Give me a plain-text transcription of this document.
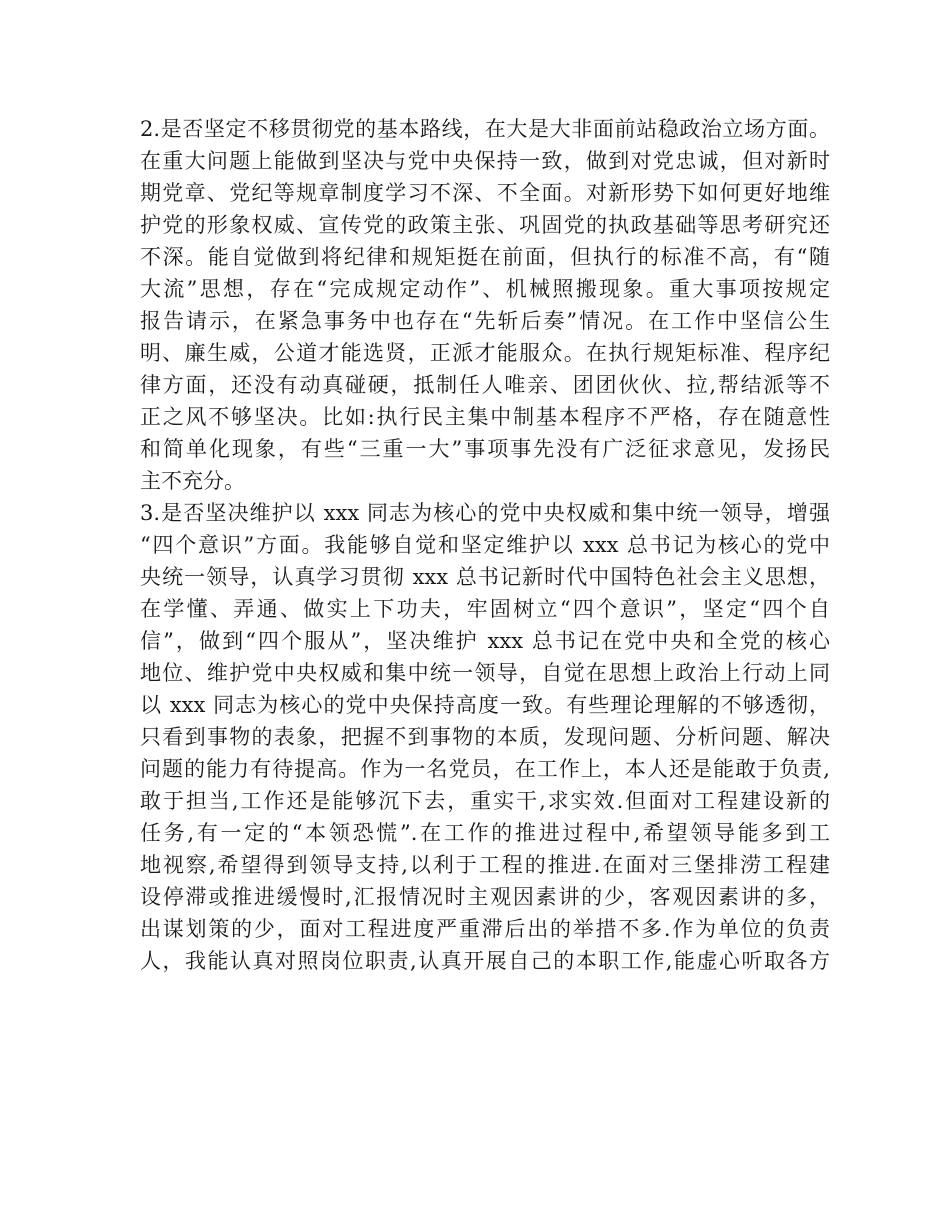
2.是否坚定不移贯彻党的基本路线，在大是大非面前站稳政治立场方面。
在重大问题上能做到坚决与党中央保持一致，做到对党忠诚，但对新时
期党章、党纪等规章制度学习不深、不全面。对新形势下如何更好地维
护党的形象权威、宣传党的政策主张、巩固党的执政基础等思考研究还
不深。能自觉做到将纪律和规矩挺在前面，但执行的标准不高，有“随
大流”思想，存在“完成规定动作”、机械照搬现象。重大事项按规定
报告请示，在紧急事务中也存在“先斩后奏”情况。在工作中坚信公生
明、廉生威，公道才能选贤，正派才能服众。在执行规矩标准、程序纪
律方面，还没有动真碰硬，抵制任人唯亲、团团伙伙、拉,帮结派等不
正之风不够坚决。比如:执行民主集中制基本程序不严格，存在随意性
和简单化现象，有些“三重一大”事项事先没有广泛征求意见，发扬民
主不充分。
3.是否坚决维护以 xxx 同志为核心的党中央权威和集中统一领导，增强
“四个意识”方面。我能够自觉和坚定维护以 xxx 总书记为核心的党中
央统一领导，认真学习贯彻 xxx 总书记新时代中国特色社会主义思想，
在学懂、弄通、做实上下功夫，牢固树立“四个意识”，坚定“四个自
信”，做到“四个服从”，坚决维护 xxx 总书记在党中央和全党的核心
地位、维护党中央权威和集中统一领导，自觉在思想上政治上行动上同
以 xxx 同志为核心的党中央保持高度一致。有些理论理解的不够透彻，
只看到事物的表象，把握不到事物的本质，发现问题、分析问题、解决
问题的能力有待提高。作为一名党员，在工作上，本人还是能敢于负责,
敢于担当,工作还是能够沉下去，重实干,求实效.但面对工程建设新的
任务,有一定的“本领恐慌”.在工作的推进过程中,希望领导能多到工
地视察,希望得到领导支持,以利于工程的推进.在面对三堡排涝工程建
设停滞或推进缓慢时,汇报情况时主观因素讲的少，客观因素讲的多，
出谋划策的少，面对工程进度严重滞后出的举措不多.作为单位的负责
人，我能认真对照岗位职责,认真开展自己的本职工作,能虚心听取各方
